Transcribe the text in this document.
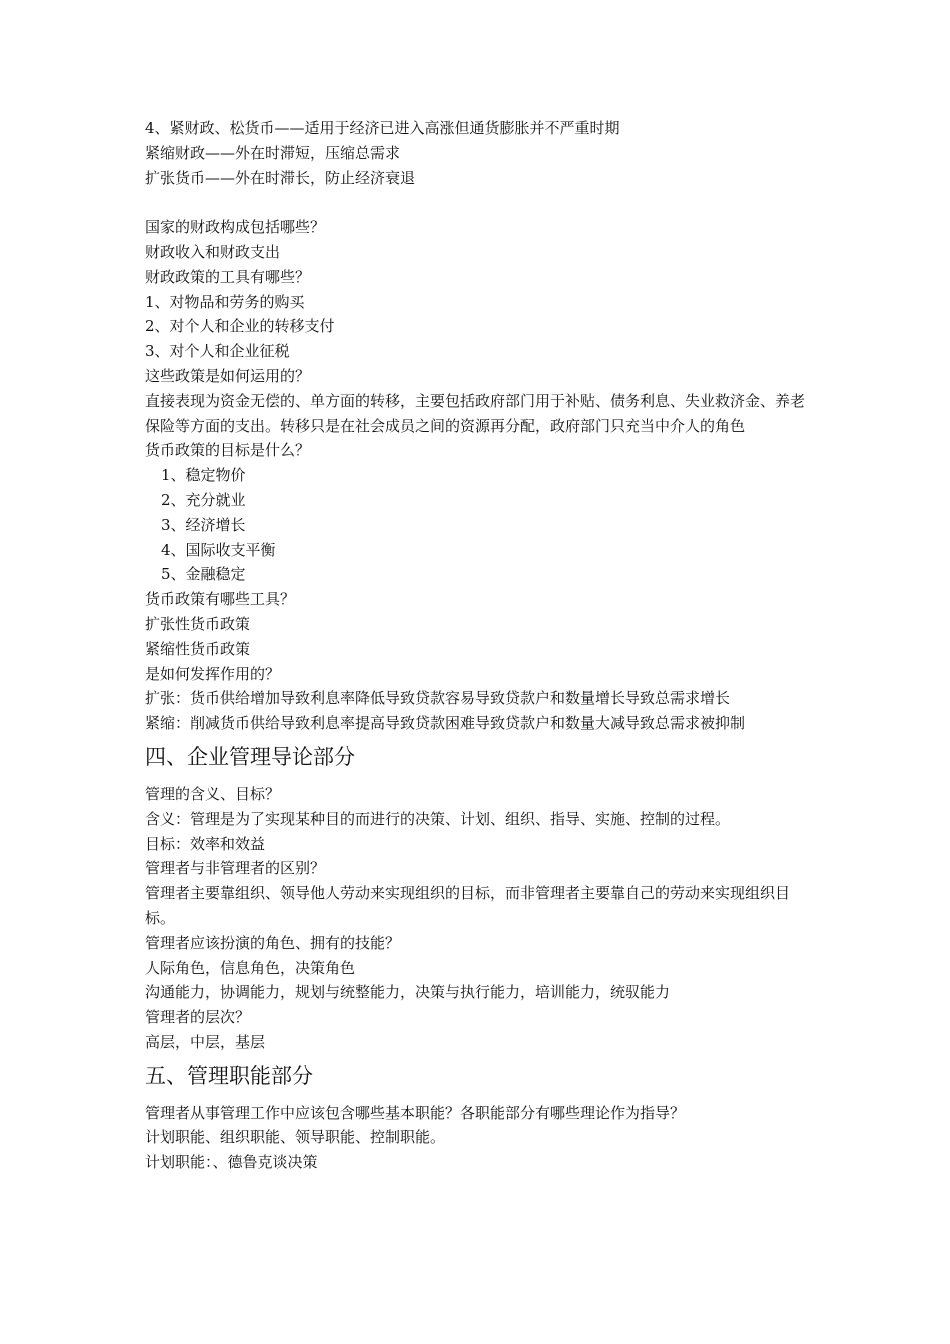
4、紧财政、松货币——适用于经济已进入高涨但通货膨胀并不严重时期
紧缩财政——外在时滞短，压缩总需求
扩张货币——外在时滞长，防止经济衰退
国家的财政构成包括哪些？
财政收入和财政支出
财政政策的工具有哪些？
1、对物品和劳务的购买
2、对个人和企业的转移支付
3、对个人和企业征税
这些政策是如何运用的？
直接表现为资金无偿的、单方面的转移，主要包括政府部门用于补贴、债务利息、失业救济金、养老保险等方面的支出。转移只是在社会成员之间的资源再分配，政府部门只充当中介人的角色
货币政策的目标是什么？
1、稳定物价
2、充分就业
3、经济增长
4、国际收支平衡
5、金融稳定
货币政策有哪些工具？
扩张性货币政策
紧缩性货币政策
是如何发挥作用的？
扩张：货币供给增加导致利息率降低导致贷款容易导致贷款户和数量增长导致总需求增长
紧缩：削减货币供给导致利息率提高导致贷款困难导致贷款户和数量大减导致总需求被抑制
四、企业管理导论部分
管理的含义、目标？
含义：管理是为了实现某种目的而进行的决策、计划、组织、指导、实施、控制的过程。
目标：效率和效益
管理者与非管理者的区别？
管理者主要靠组织、领导他人劳动来实现组织的目标，而非管理者主要靠自己的劳动来实现组织目标。
管理者应该扮演的角色、拥有的技能？
人际角色，信息角色，决策角色
沟通能力，协调能力，规划与统整能力，决策与执行能力，培训能力，统驭能力
管理者的层次？
高层，中层，基层
五、管理职能部分
管理者从事管理工作中应该包含哪些基本职能？各职能部分有哪些理论作为指导？
计划职能、组织职能、领导职能、控制职能。
计划职能：、德鲁克谈决策
